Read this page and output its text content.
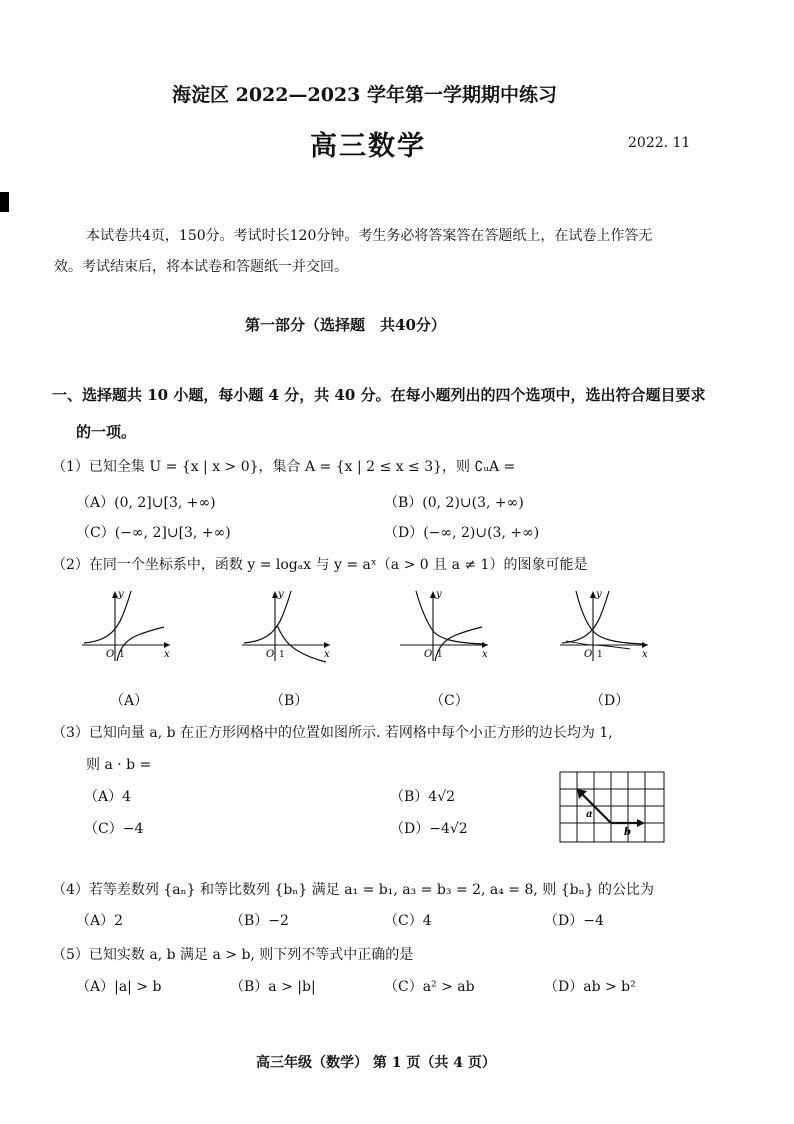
海淀区 2022—2023 学年第一学期期中练习
高三数学	2022. 11
本试卷共4页，150分。考试时长120分钟。考生务必将答案答在答题纸上，在试卷上作答无
效。考试结束后，将本试卷和答题纸一并交回。
第一部分（选择题　共40分）
一、选择题共 10 小题，每小题 4 分，共 40 分。在每小题列出的四个选项中，选出符合题目要求
的一项。
（1）已知全集 U = {x | x > 0}，集合 A = {x | 2 ≤ x ≤ 3}，则 ∁ᵤA =
（A）(0, 2]∪[3, +∞)	（B）(0, 2)∪(3, +∞)
（C）(−∞, 2]∪[3, +∞)	（D）(−∞, 2)∪(3, +∞)
（2）在同一个坐标系中，函数 y = logₐx 与 y = aˣ（a > 0 且 a ≠ 1）的图象可能是
y
x
O 1
y
x
O 1
y
x
O 1
y
x
O 1
（A）	（B）	（C）	（D）
（3）已知向量 a, b 在正方形网格中的位置如图所示. 若网格中每个小正方形的边长均为 1,
则 a · b =
（A）4	（B）4√2
（C）−4	（D）−4√2
a
b
（4）若等差数列 {aₙ} 和等比数列 {bₙ} 满足 a₁ = b₁, a₃ = b₃ = 2, a₄ = 8, 则 {bₙ} 的公比为
（A）2	（B）−2	（C）4	（D）−4
（5）已知实数 a, b 满足 a > b, 则下列不等式中正确的是
（A）|a| > b	（B）a > |b|	（C）a² > ab	（D）ab > b²
高三年级（数学） 第 1 页（共 4 页）
